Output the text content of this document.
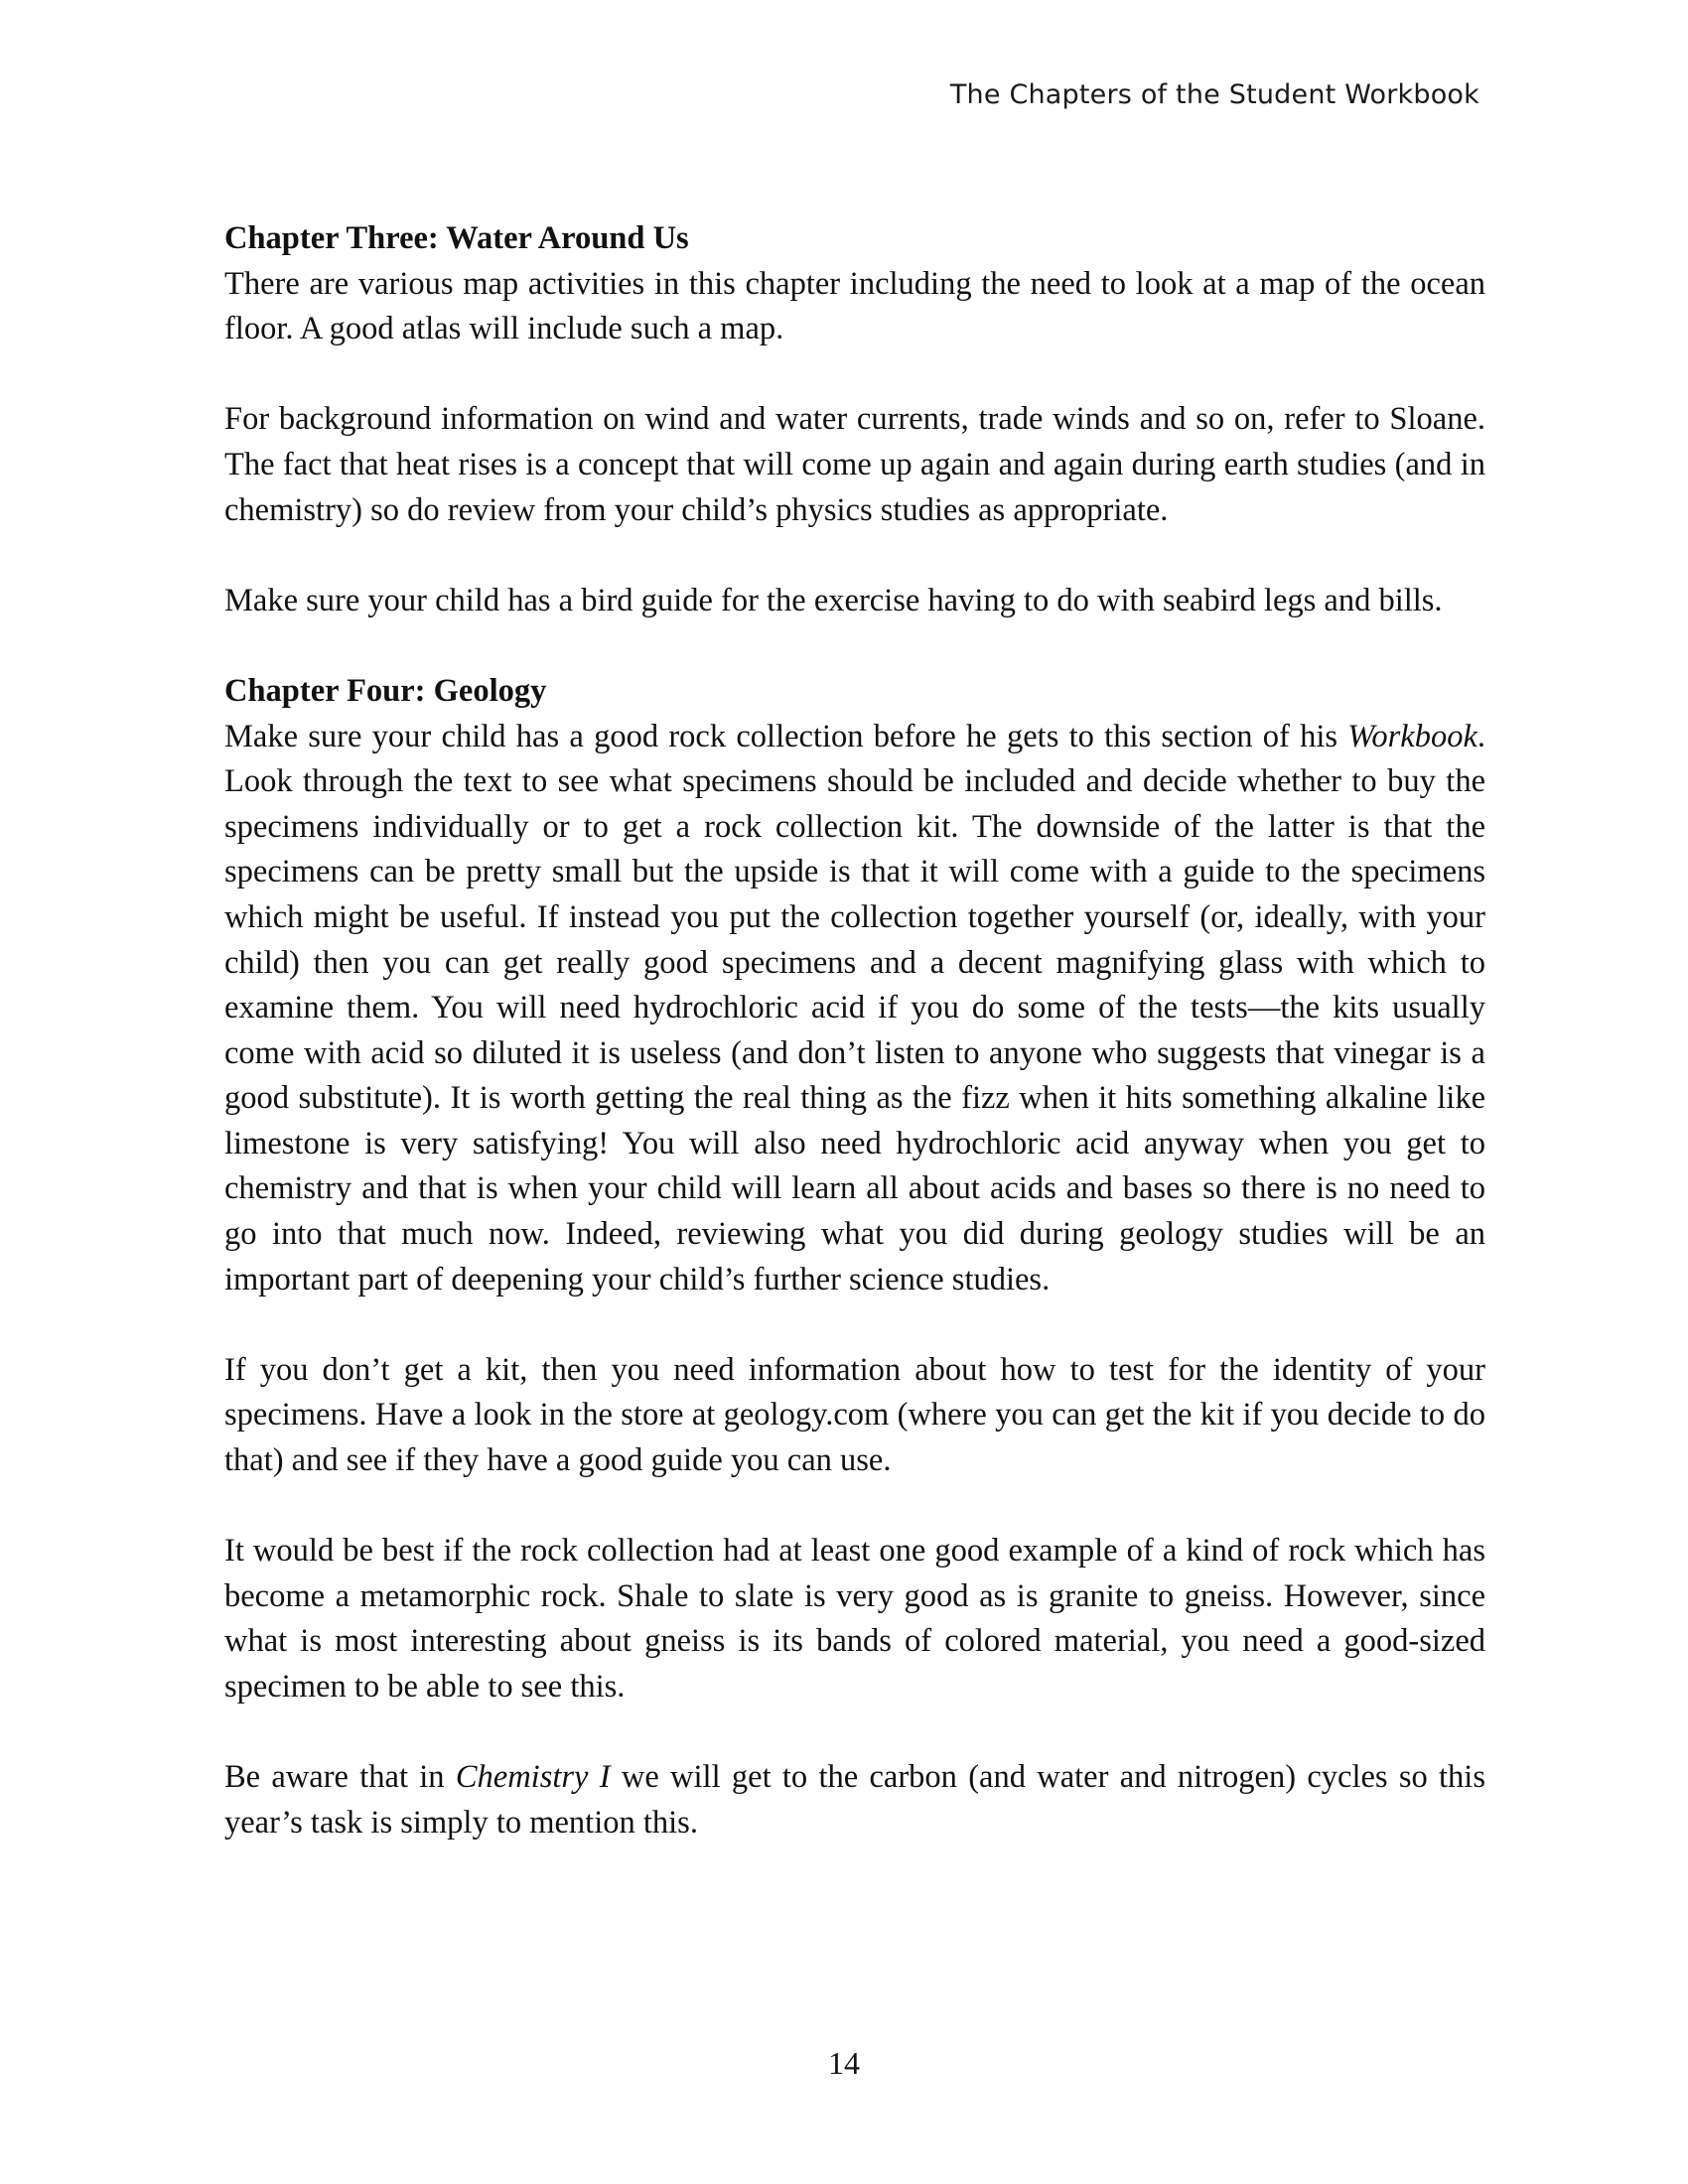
The Chapters of the Student Workbook

Chapter Three: Water Around Us

There are various map activities in this chapter including the need to look at a map of the ocean floor. A good atlas will include such a map.

For background information on wind and water currents, trade winds and so on, refer to Sloane. The fact that heat rises is a concept that will come up again and again during earth studies (and in chemistry) so do review from your child’s physics studies as appropriate.

Make sure your child has a bird guide for the exercise having to do with seabird legs and bills.

Chapter Four: Geology

Make sure your child has a good rock collection before he gets to this section of his Workbook. Look through the text to see what specimens should be included and decide whether to buy the specimens individually or to get a rock collection kit. The downside of the latter is that the specimens can be pretty small but the upside is that it will come with a guide to the specimens which might be useful. If instead you put the collection together yourself (or, ideally, with your child) then you can get really good specimens and a decent magnifying glass with which to examine them. You will need hydrochloric acid if you do some of the tests—the kits usually come with acid so diluted it is useless (and don’t listen to anyone who suggests that vinegar is a good substitute). It is worth getting the real thing as the fizz when it hits something alkaline like limestone is very satisfying! You will also need hydrochloric acid anyway when you get to chemistry and that is when your child will learn all about acids and bases so there is no need to go into that much now. Indeed, reviewing what you did during geology studies will be an important part of deepening your child’s further science studies.

If you don’t get a kit, then you need information about how to test for the identity of your specimens. Have a look in the store at geology.com (where you can get the kit if you decide to do that) and see if they have a good guide you can use.

It would be best if the rock collection had at least one good example of a kind of rock which has become a metamorphic rock. Shale to slate is very good as is granite to gneiss. However, since what is most interesting about gneiss is its bands of colored material, you need a good-sized specimen to be able to see this.

Be aware that in Chemistry I we will get to the carbon (and water and nitrogen) cycles so this year’s task is simply to mention this.

14
